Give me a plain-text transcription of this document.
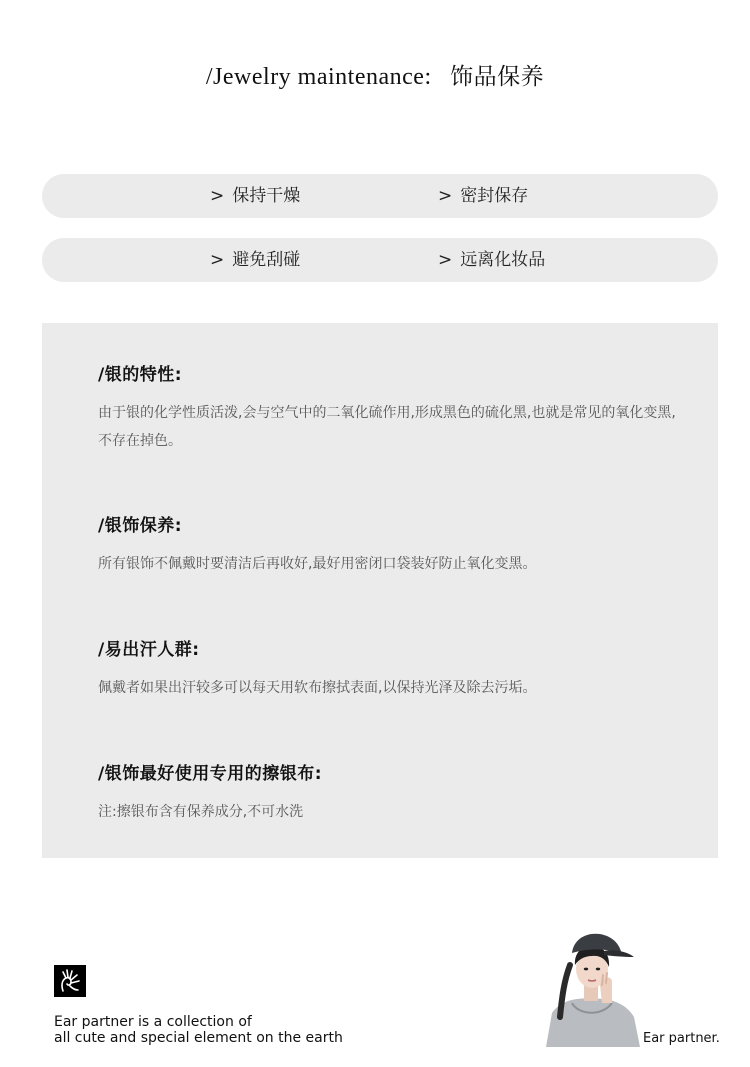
/Jewelry maintenance: 饰品保养
> 保持干燥	> 密封保存
> 避免刮碰	> 远离化妆品
/银的特性:

由于银的化学性质活泼,会与空气中的二氧化硫作用,形成黑色的硫化黑,也就是常见的氧化变黑,不存在掉色。

/银饰保养:

所有银饰不佩戴时要清洁后再收好,最好用密闭口袋装好防止氧化变黑。

/易出汗人群:

佩戴者如果出汗较多可以每天用软布擦拭表面,以保持光泽及除去污垢。

/银饰最好使用专用的擦银布:

注:擦银布含有保养成分,不可水洗

Ear partner is a collection of
all cute and special element on the earth	Ear partner.
